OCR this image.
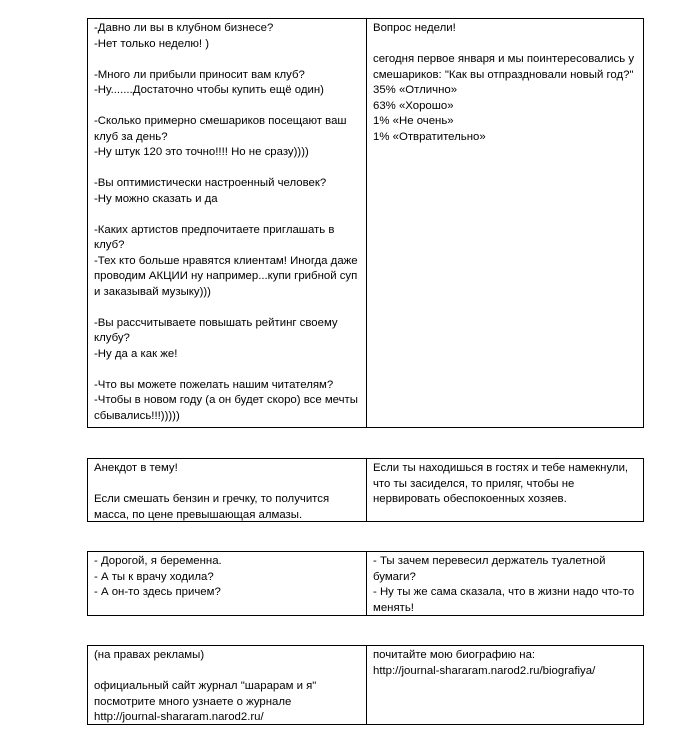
-Давно ли вы в клубном бизнесе?
-Нет только неделю! )
-Много ли прибыли приносит вам клуб?
-Ну.......Достаточно чтобы купить ещё один)
-Сколько примерно смешариков посещают ваш клуб за день?
-Ну штук 120 это точно!!!! Но не сразу))))
-Вы оптимистически настроенный человек?
-Ну можно сказать и да
-Каких артистов предпочитаете приглашать в клуб?
-Тех кто больше нравятся клиентам! Иногда даже проводим АКЦИИ ну например...купи грибной суп и заказывай музыку)))
-Вы рассчитываете повышать рейтинг своему клубу?
-Ну да а как же!
-Что вы можете пожелать нашим читателям?
-Чтобы в новом году (а он будет скоро) все мечты сбывались!!!)))))
Вопрос недели!
сегодня первое января и мы поинтересовались у смешариков: "Как вы отпраздновали новый год?"
35% «Отлично»
63% «Хорошо»
1% «Не очень»
1% «Отвратительно»
Анекдот в тему!
Если смешать бензин и гречку, то получится масса, по цене превышающая алмазы.
Если ты находишься в гостях и тебе намекнули, что ты засиделся, то приляг, чтобы не нервировать обеспокоенных хозяев.
- Дорогой, я беременна.
- А ты к врачу ходила?
- А он-то здесь причем?
- Ты зачем перевесил держатель туалетной бумаги?
- Ну ты же сама сказала, что в жизни надо что-то менять!
(на правах рекламы)
официальный сайт журнал "шарарам и я" посмотрите много узнаете о журнале
http://journal-shararam.narod2.ru/
почитайте мою биографию на:
http://journal-shararam.narod2.ru/biografiya/
